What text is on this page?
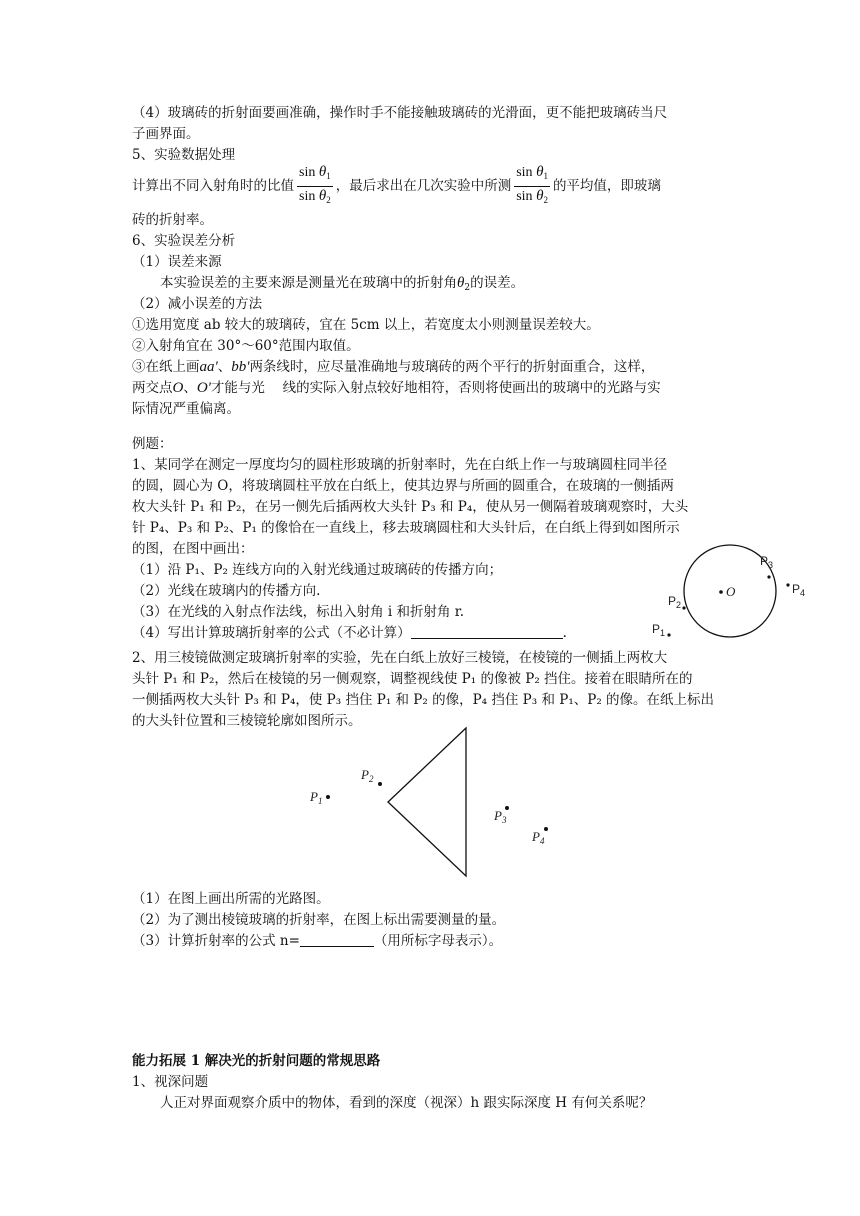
（4）玻璃砖的折射面要画准确，操作时手不能接触玻璃砖的光滑面，更不能把玻璃砖当尺
子画界面。
5、实验数据处理
计算出不同入射角时的比值 $\frac{\sin \theta_1}{\sin \theta_2}$ ，最后求出在几次实验中所测 $\frac{\sin \theta_1}{\sin \theta_2}$ 的平均值，即玻璃
砖的折射率。
6、实验误差分析
（1）误差来源
本实验误差的主要来源是测量光在玻璃中的折射角$\theta_2$的误差。
（2）减小误差的方法
①选用宽度 ab 较大的玻璃砖，宜在 5cm 以上，若宽度太小则测量误差较大。
②入射角宜在 30°～60°范围内取值。
③在纸上画aa'、bb'两条线时，应尽量准确地与玻璃砖的两个平行的折射面重合，这样，
两交点O、O'才能与光　 线的实际入射点较好地相符，否则将使画出的玻璃中的光路与实
际情况严重偏离。
例题：
1、某同学在测定一厚度均匀的圆柱形玻璃的折射率时，先在白纸上作一与玻璃圆柱同半径
的圆，圆心为 O，将玻璃圆柱平放在白纸上，使其边界与所画的圆重合，在玻璃的一侧插两
枚大头针 P₁ 和 P₂，在另一侧先后插两枚大头针 P₃ 和 P₄，使从另一侧隔着玻璃观察时，大头
针 P₄、P₃ 和 P₂、P₁ 的像恰在一直线上，移去玻璃圆柱和大头针后，在白纸上得到如图所示
的图，在图中画出：
（1）沿 P₁、P₂ 连线方向的入射光线通过玻璃砖的传播方向；
（2）光线在玻璃内的传播方向.
（3）在光线的入射点作法线，标出入射角 i 和折射角 r.
（4）写出计算玻璃折射率的公式（不必计算）	.
O
$P_3$
$P_4$
$P_2$
$P_1$
2、用三棱镜做测定玻璃折射率的实验，先在白纸上放好三棱镜，在棱镜的一侧插上两枚大
头针 P₁ 和 P₂，然后在棱镜的另一侧观察，调整视线使 P₁ 的像被 P₂ 挡住。接着在眼睛所在的
一侧插两枚大头针 P₃ 和 P₄，使 P₃ 挡住 P₁ 和 P₂ 的像，P₄ 挡住 P₃ 和 P₁、P₂ 的像。在纸上标出
的大头针位置和三棱镜轮廓如图所示。
$P_1$
$P_2$
$P_3$
$P_4$
（1）在图上画出所需的光路图。
（2）为了测出棱镜玻璃的折射率，在图上标出需要测量的量。
（3）计算折射率的公式 n=	（用所标字母表示）。
能力拓展 1 解决光的折射问题的常规思路
1、视深问题
人正对界面观察介质中的物体，看到的深度（视深）h 跟实际深度 H 有何关系呢？
